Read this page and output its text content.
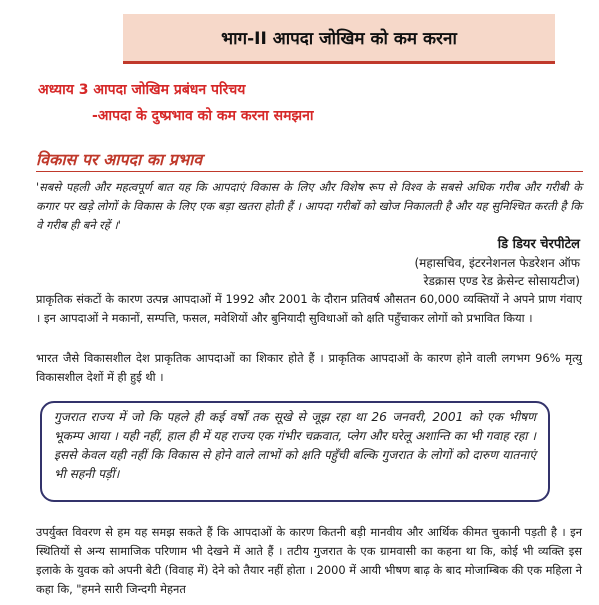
भाग-II आपदा जोखिम को कम करना
अध्याय 3 आपदा जोखिम प्रबंधन परिचय
-आपदा के दुष्प्रभाव को कम करना समझना
विकास पर आपदा का प्रभाव
'सबसे पहली और महत्वपूर्ण बात यह कि आपदाएं विकास के लिए और विशेष रूप से विश्व के सबसे अधिक गरीब और गरीबी के कगार पर खड़े लोगों के विकास के लिए एक बड़ा खतरा होती हैं । आपदा गरीबों को खोज निकालती है और यह सुनिश्चित करती है कि वे गरीब ही बने रहें ।'
डि डियर चेरपीटेल
(महासचिव, इंटरनेशनल फेडरेशन ऑफ
रेडक्रास एण्ड रेड क्रेसेन्ट सोसायटीज)
प्राकृतिक संकटों के कारण उत्पन्न आपदाओं में 1992 और 2001 के दौरान प्रतिवर्ष औसतन 60,000 व्यक्तियों ने अपने प्राण गंवाए । इन आपदाओं ने मकानों, सम्पत्ति, फसल, मवेशियों और बुनियादी सुविधाओं को क्षति पहुँचाकर लोगों को प्रभावित किया ।
भारत जैसे विकासशील देश प्राकृतिक आपदाओं का शिकार होते हैं । प्राकृतिक आपदाओं के कारण होने वाली लगभग 96% मृत्यु विकासशील देशों में ही हुई थी ।

गुजरात राज्य में जो कि पहले ही कई वर्षों तक सूखे से जूझ रहा था 26 जनवरी, 2001 को एक भीषण भूकम्प आया । यही नहीं, हाल ही में यह राज्य एक गंभीर चक्रवात, प्लेग और घरेलू अशान्ति का भी गवाह रहा । इससे केवल यही नहीं कि विकास से होने वाले लाभों को क्षति पहुँची बल्कि गुजरात के लोगों को दारुण यातनाएं भी सहनी पड़ीं।

उपर्युक्त विवरण से हम यह समझ सकते हैं कि आपदाओं के कारण कितनी बड़ी मानवीय और आर्थिक कीमत चुकानी पड़ती है । इन स्थितियों से अन्य सामाजिक परिणाम भी देखने में आते हैं । तटीय गुजरात के एक ग्रामवासी का कहना था कि, कोई भी व्यक्ति इस इलाके के युवक को अपनी बेटी (विवाह में) देने को तैयार नहीं होता । 2000 में आयी भीषण बाढ़ के बाद मोजाम्बिक की एक महिला ने कहा कि, "हमने सारी जिन्दगी मेहनत
